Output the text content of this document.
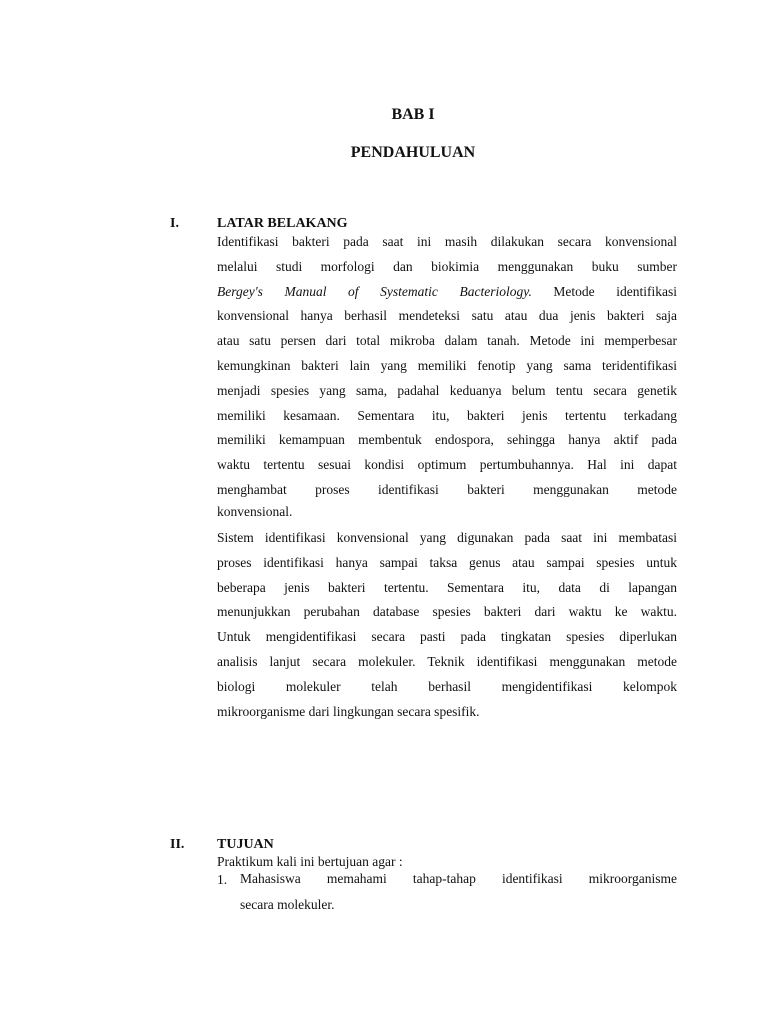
BAB I
PENDAHULUAN
I.	LATAR BELAKANG
Identifikasi bakteri pada saat ini masih dilakukan secara konvensional
melalui studi morfologi dan biokimia menggunakan buku sumber
Bergey's Manual of Systematic Bacteriology. Metode identifikasi
konvensional hanya berhasil mendeteksi satu atau dua jenis bakteri saja
atau satu persen dari total mikroba dalam tanah. Metode ini memperbesar
kemungkinan bakteri lain yang memiliki fenotip yang sama teridentifikasi
menjadi spesies yang sama, padahal keduanya belum tentu secara genetik
memiliki kesamaan. Sementara itu, bakteri jenis tertentu terkadang
memiliki kemampuan membentuk endospora, sehingga hanya aktif pada
waktu tertentu sesuai kondisi optimum pertumbuhannya. Hal ini dapat
menghambat proses identifikasi bakteri menggunakan metode
konvensional.
Sistem identifikasi konvensional yang digunakan pada saat ini membatasi
proses identifikasi hanya sampai taksa genus atau sampai spesies untuk
beberapa jenis bakteri tertentu. Sementara itu, data di lapangan
menunjukkan perubahan database spesies bakteri dari waktu ke waktu.
Untuk mengidentifikasi secara pasti pada tingkatan spesies diperlukan
analisis lanjut secara molekuler. Teknik identifikasi menggunakan metode
biologi molekuler telah berhasil mengidentifikasi kelompok
mikroorganisme dari lingkungan secara spesifik.
II. TUJUAN
Praktikum kali ini bertujuan agar :
1. Mahasiswa memahami tahap-tahap identifikasi mikroorganisme
secara molekuler.
